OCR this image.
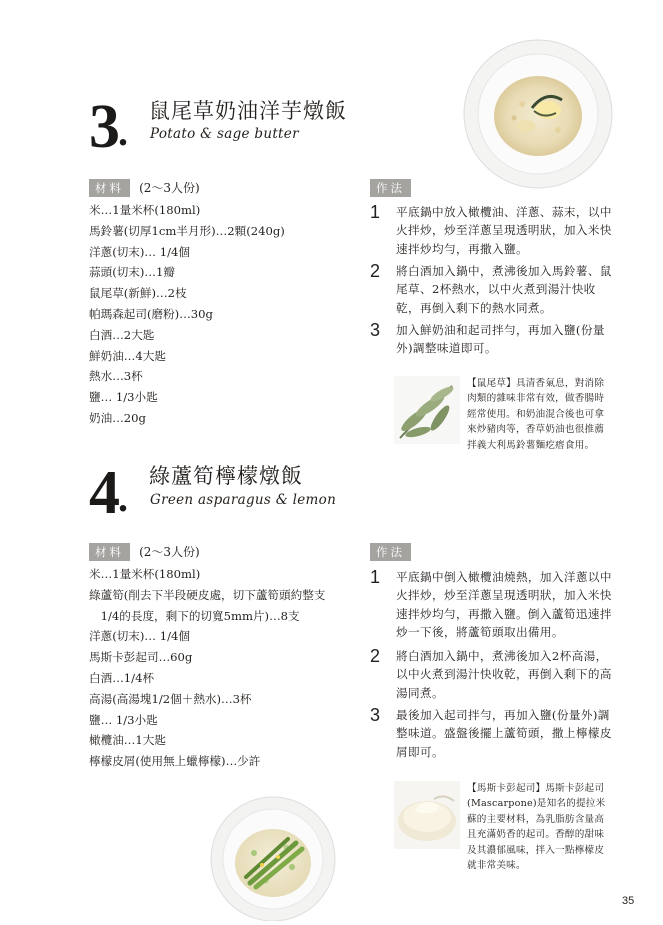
3
. 鼠尾草奶油洋芋燉飯
Potato & sage butter
材料 (2〜3人份)
米…1量米杯(180ml)
馬鈴薯(切厚1cm半月形)…2顆(240g)
洋蔥(切末)… 1/4個
蒜頭(切末)…1瓣
鼠尾草(新鮮)…2枝
帕瑪森起司(磨粉)…30g
白酒…2大匙
鮮奶油…4大匙
熱水…3杯
鹽… 1/3小匙
奶油…20g
作法
1 平底鍋中放入橄欖油、洋蔥、蒜末，以中
火拌炒，炒至洋蔥呈現透明狀，加入米快
速拌炒均勻，再撒入鹽。
2 將白酒加入鍋中，煮沸後加入馬鈴薯、鼠
尾草、2杯熱水，以中火煮到湯汁快收
乾，再倒入剩下的熱水同煮。
3 加入鮮奶油和起司拌勻，再加入鹽(份量
外)調整味道即可。
【鼠尾草】具清香氣息，對消除
肉類的雜味非常有效，做香腸時
經常使用。和奶油混合後也可拿
來炒豬肉等，香草奶油也很推薦
拌義大利馬鈴薯麵疙瘩食用。
4
. 綠蘆筍檸檬燉飯
Green asparagus & lemon
材料 (2〜3人份)
米…1量米杯(180ml)
綠蘆筍(削去下半段硬皮處，切下蘆筍頭約整支
　1/4的長度，剩下的切寬5mm片)…8支
洋蔥(切末)… 1/4個
馬斯卡彭起司…60g
白酒…1/4杯
高湯(高湯塊1/2個＋熱水)…3杯
鹽… 1/3小匙
橄欖油…1大匙
檸檬皮屑(使用無上蠟檸檬)…少許
作法
1 平底鍋中倒入橄欖油燒熱，加入洋蔥以中
火拌炒，炒至洋蔥呈現透明狀，加入米快
速拌炒均勻，再撒入鹽。倒入蘆筍迅速拌
炒一下後，將蘆筍頭取出備用。
2 將白酒加入鍋中，煮沸後加入2杯高湯，
以中火煮到湯汁快收乾，再倒入剩下的高
湯同煮。
3 最後加入起司拌勻，再加入鹽(份量外)調
整味道。盛盤後擺上蘆筍頭，撒上檸檬皮
屑即可。
【馬斯卡彭起司】馬斯卡彭起司
(Mascarpone)是知名的提拉米
蘇的主要材料，為乳脂肪含量高
且充滿奶香的起司。香醇的甜味
及其濃郁風味，拌入一點檸檬皮
就非常美味。
35
